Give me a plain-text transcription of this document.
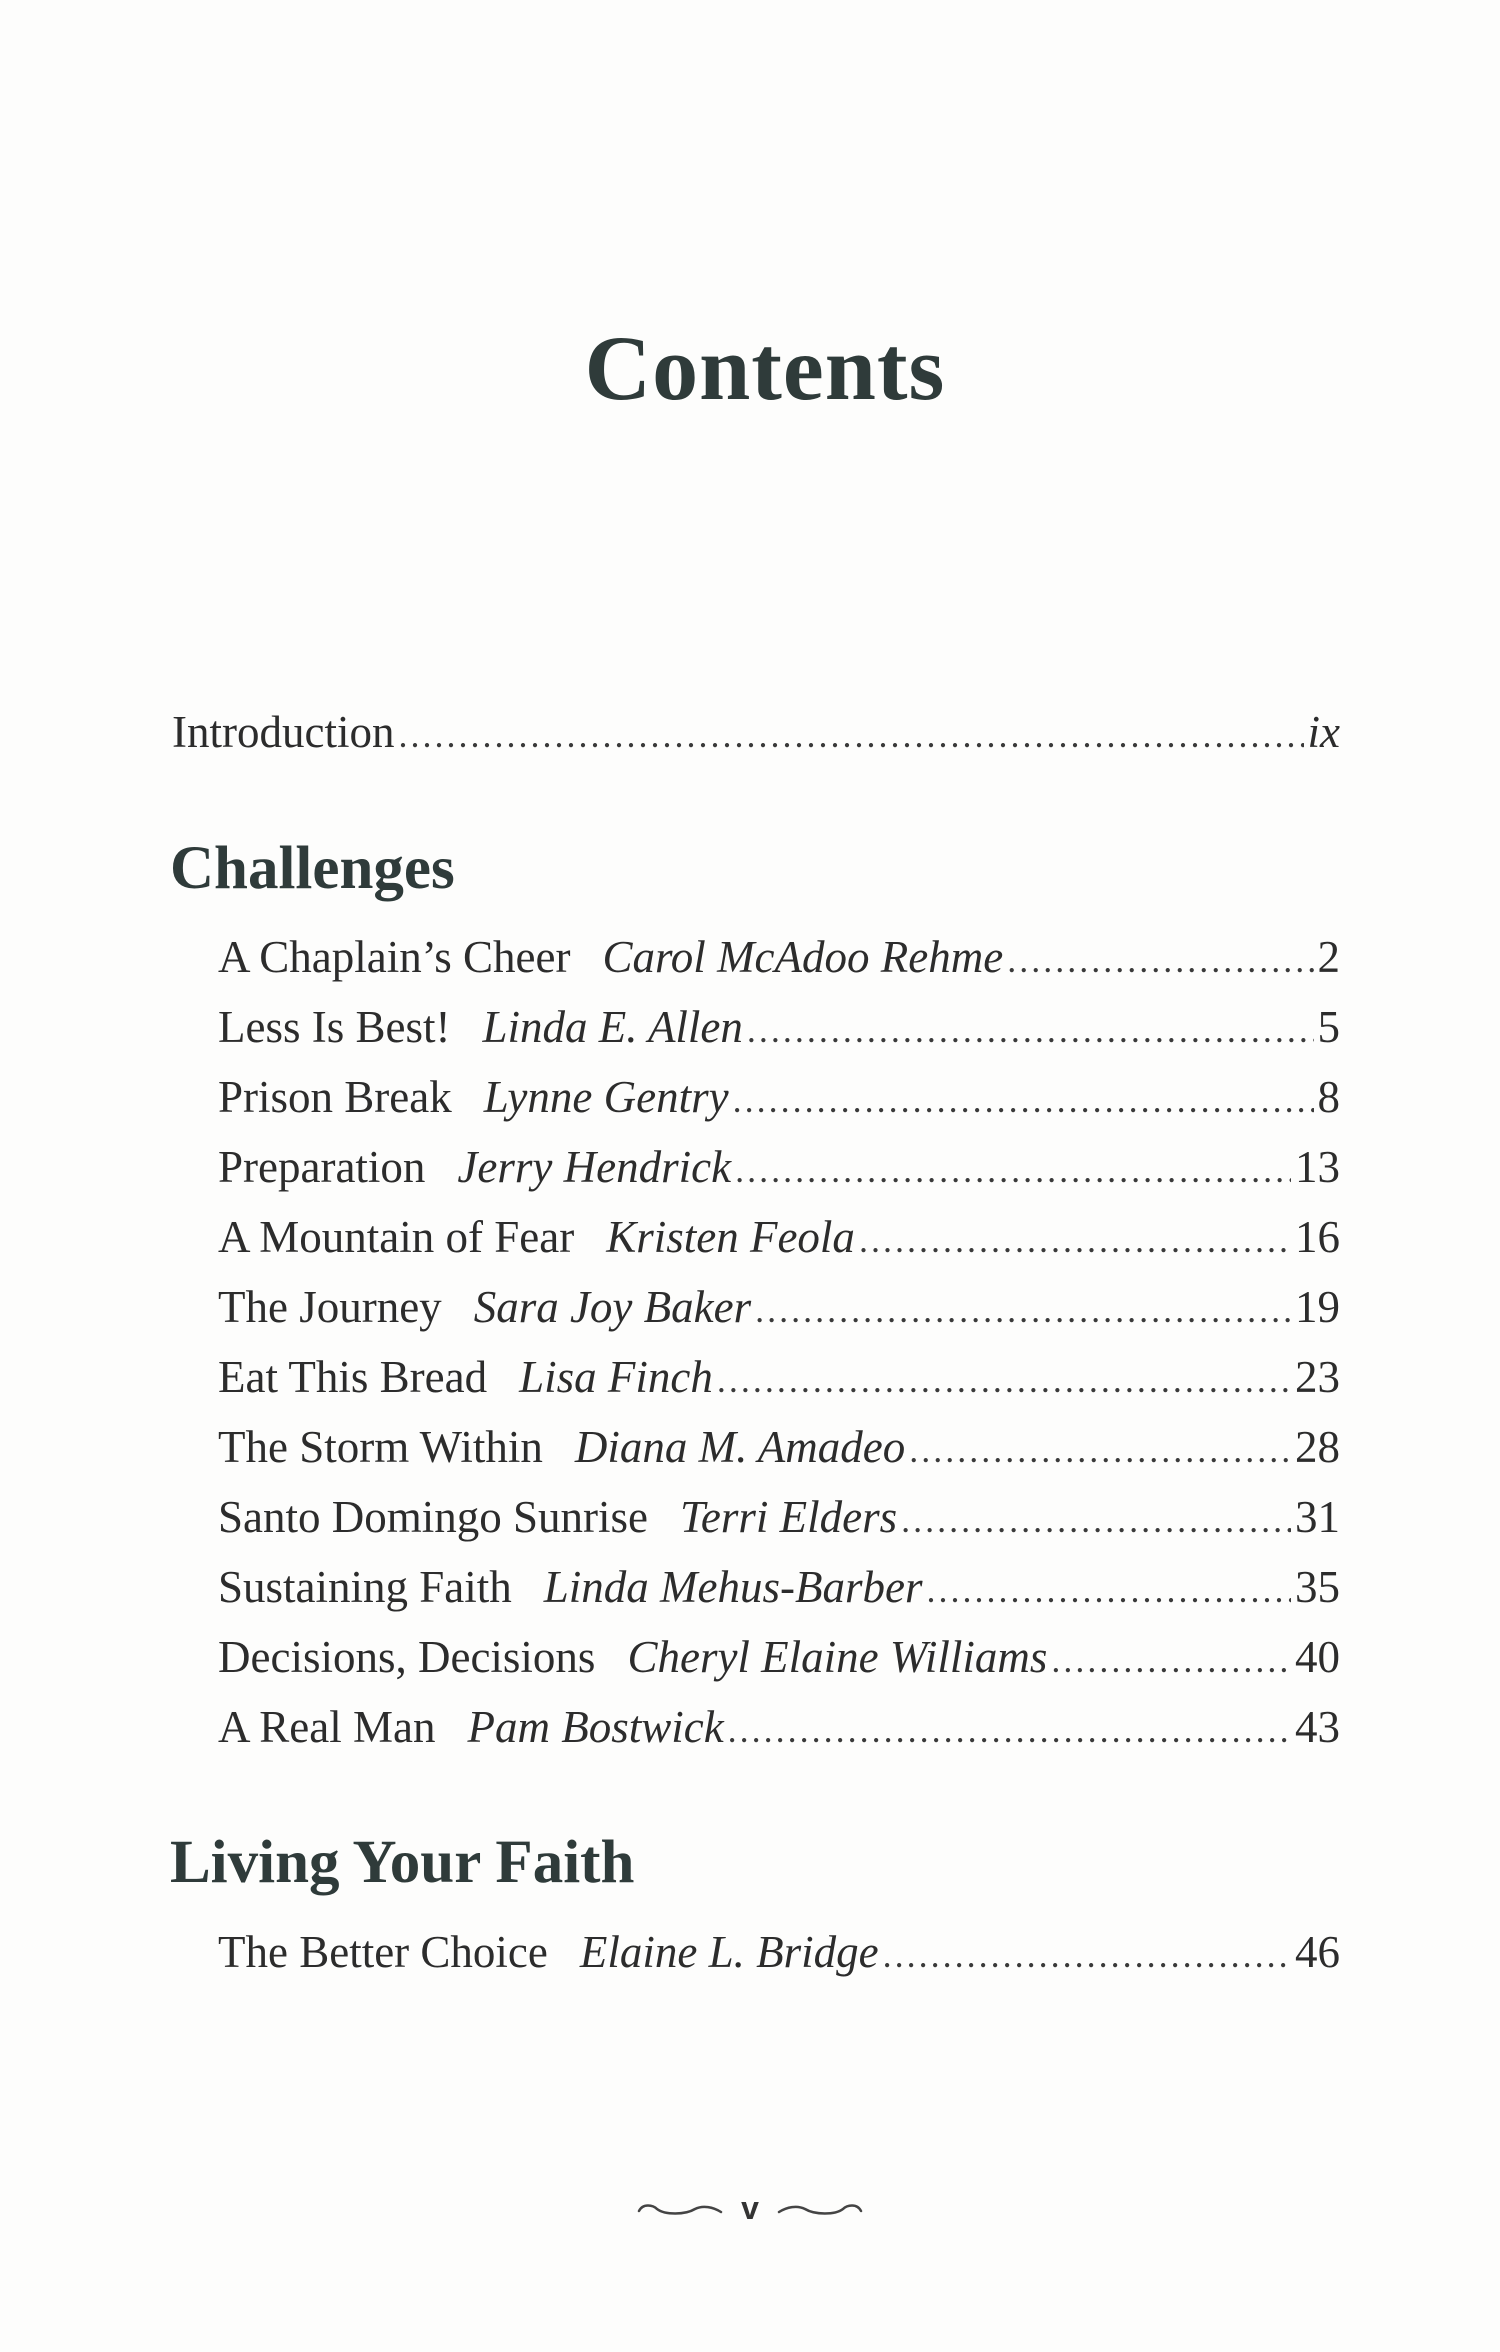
Contents
Introduction .....	ix
Challenges
A Chaplain’s Cheer Carol McAdoo Rehme .....	2
Less Is Best! Linda E. Allen .....	5
Prison Break Lynne Gentry .....	8
Preparation Jerry Hendrick .....	13
A Mountain of Fear Kristen Feola .....	16
The Journey Sara Joy Baker .....	19
Eat This Bread Lisa Finch .....	23
The Storm Within Diana M. Amadeo .....	28
Santo Domingo Sunrise Terri Elders .....	31
Sustaining Faith Linda Mehus-Barber .....	35
Decisions, Decisions Cheryl Elaine Williams .....	40
A Real Man Pam Bostwick .....	43
Living Your Faith
The Better Choice Elaine L. Bridge .....	46
v
